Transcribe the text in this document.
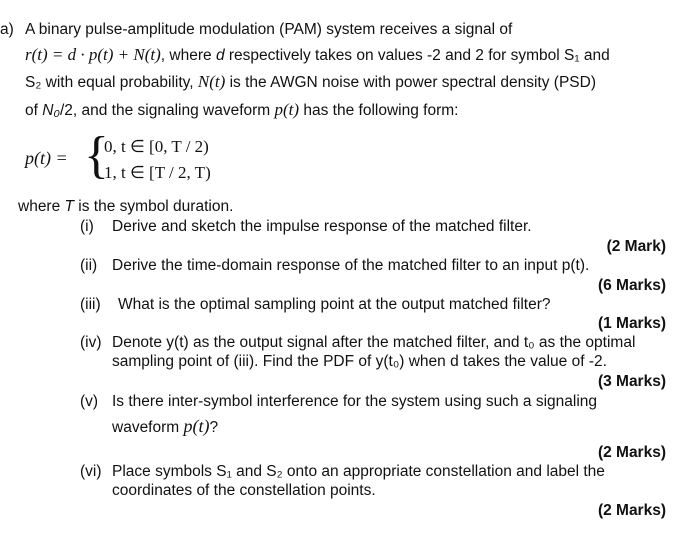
a) A binary pulse-amplitude modulation (PAM) system receives a signal of
r(t) = d · p(t) + N(t), where d respectively takes on values -2 and 2 for symbol S₁ and
S₂ with equal probability, N(t) is the AWGN noise with power spectral density (PSD)
of N₀/2, and the signaling waveform p(t) has the following form:
p(t) = {
0, t ∈ [0, T / 2)
1, t ∈ [T / 2, T)
where T is the symbol duration.
(i) Derive and sketch the impulse response of the matched filter.
(2 Mark)
(ii) Derive the time-domain response of the matched filter to an input p(t).
(6 Marks)
(iii) What is the optimal sampling point at the output matched filter?
(1 Marks)
(iv) Denote y(t) as the output signal after the matched filter, and t₀ as the optimal
sampling point of (iii). Find the PDF of y(t₀) when d takes the value of -2.
(3 Marks)
(v) Is there inter-symbol interference for the system using such a signaling
waveform p(t)?
(2 Marks)
(vi) Place symbols S₁ and S₂ onto an appropriate constellation and label the
coordinates of the constellation points.
(2 Marks)
